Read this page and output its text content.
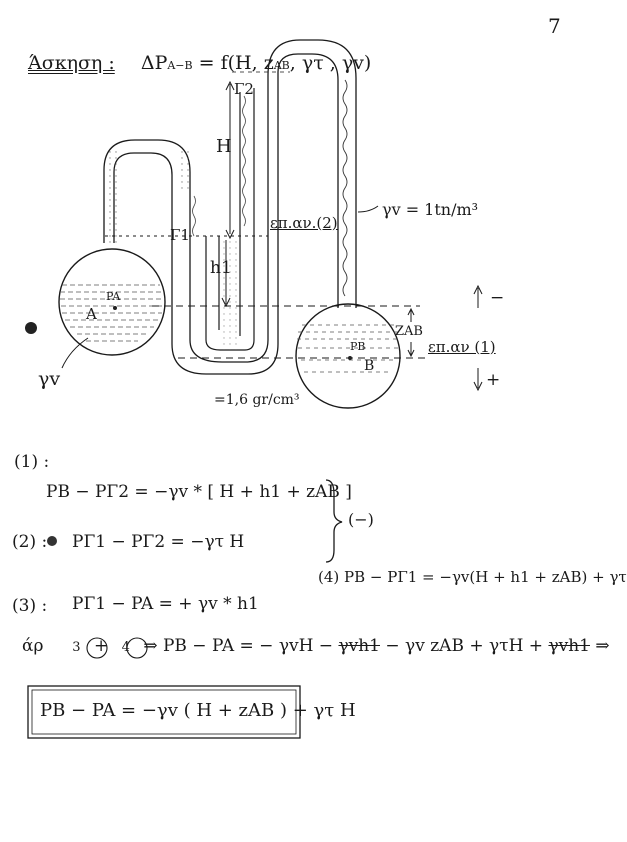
7
Άσκηση : ΔPA−B = f(H, zAB, γτ , γv)
Γ2
H
Γ1
h1
επ.αν.(2)
γv = 1tn/m³
PA
A
γv
ZAB
PB
B
επ.αν (1)
−
+
=1,6 gr/cm³
(1) :
PB − PΓ2 = −γv * [ H + h1 + zAB ]
(−)
(2) : PΓ1 − PΓ2 = −γτ H
(4) PB − PΓ1 = −γv(H + h1 + zAB) + γτ
(3) : PΓ1 − PA = + γv * h1
άρ 3 + 4 ⇒ PB − PA = − γvH − γvh1 − γv zAB + γτH + γvh1 ⇒
PB − PA = −γv ( H + zAB ) + γτ H
